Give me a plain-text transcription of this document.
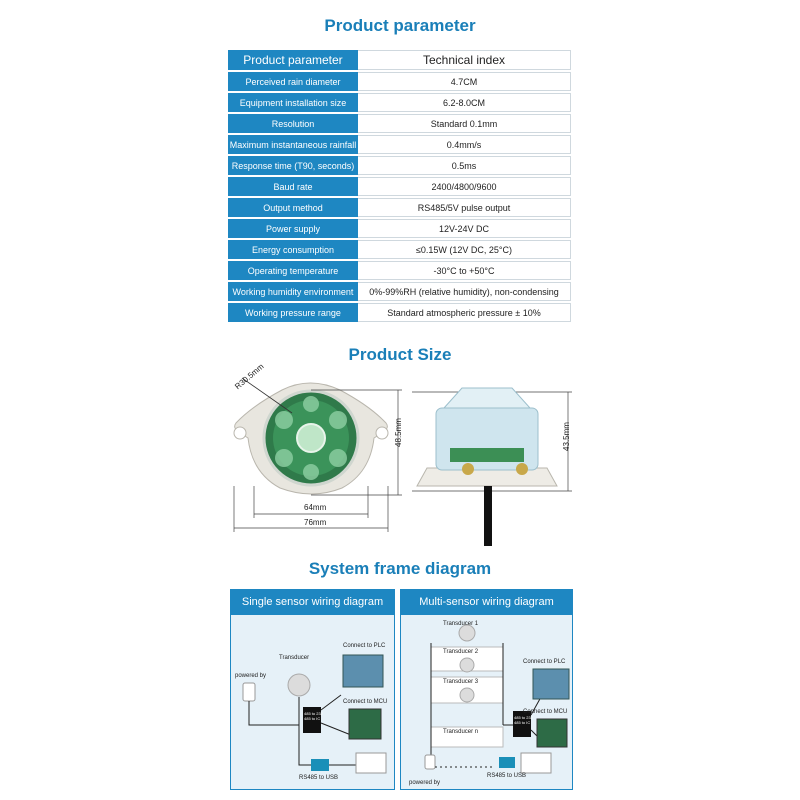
Product parameter
Product parameter	Technical index
Perceived rain diameter	4.7CM
Equipment installation size	6.2-8.0CM
Resolution	Standard 0.1mm
Maximum instantaneous rainfall	0.4mm/s
Response time (T90, seconds)	0.5ms
Baud rate	2400/4800/9600
Output method	RS485/5V pulse output
Power supply	12V-24V DC
Energy consumption	≤0.15W (12V DC, 25°C)
Operating temperature	-30°C to +50°C
Working humidity environment	0%-99%RH (relative humidity), non-condensing
Working pressure range	Standard atmospheric pressure ± 10%
Product Size
R30.5mm
48.5mm
64mm
76mm
43.5mm
System frame diagram
Single sensor wiring diagram
powered by
Transducer
Connect to PLC
Connect to MCU
485 to 232
485 to IC
RS485 to USB
Multi-sensor wiring diagram
Transducer 1
Transducer 2
Transducer 3
Transducer n
Connect to PLC
Connect to MCU
485 to 232
485 to IC
RS485 to USB
powered by
